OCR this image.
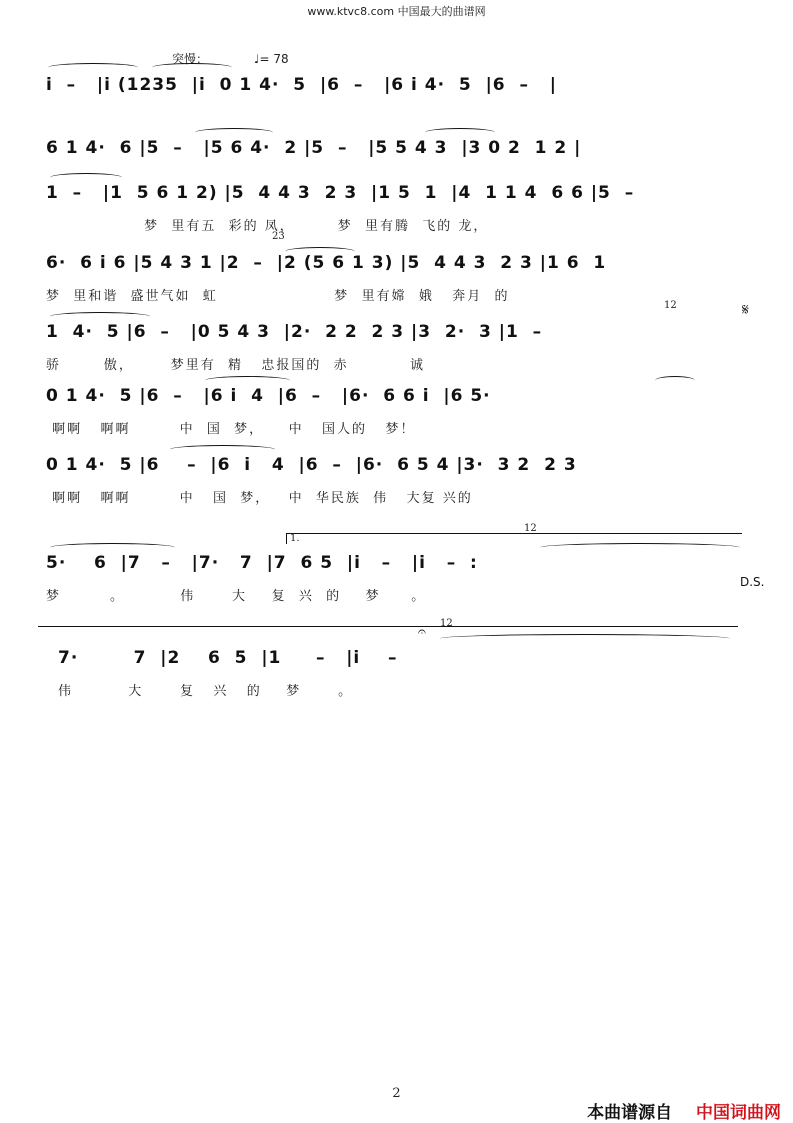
www.ktvc8.com 中国最大的曲谱网
突慢：	♩= 78
i  –   |i (1235  |i  0 1 4·  5  |6  –   |6 i 4·  5  |6  –   |
6 1 4·  6 |5  –   |5 6 4·  2 |5  –   |5 5 4 3  |3 0 2  1 2 |
1  –   |1  5 6 1 2) |5  4 4 3  2 3  |1 5  1  |4  1 1 4  6 6 |5  –
梦  里有五  彩的 凤，       梦  里有腾  飞的 龙，
23
6·  6 i 6 |5 4 3 1 |2  –  |2 (5 6 1 3) |5  4 4 3  2 3 |1 6  1
梦  里和谐  盛世气如  虹                   梦  里有嫦  娥   奔月  的
12	𝄋
1  4·  5 |6  –   |0 5 4 3  |2·  2 2  2 3 |3  2·  3 |1  –
骄       傲，      梦里有  精   忠报国的  赤          诚
0 1 4·  5 |6  –   |6 i  4  |6  –   |6·  6 6 i  |6 5·
啊啊   啊啊        中  国  梦，    中   国人的   梦！
0 1 4·  5 |6    –  |6  i   4  |6  –  |6·  6 5 4 |3·  3 2  2 3
啊啊   啊啊        中   国  梦，   中  华民族  伟   大复 兴的
1.
12
D.S.
5·    6  |7   –   |7·   7  |7  6 5  |i   –   |i   –  :
梦        。         伟      大    复  兴  的    梦     。
𝄐
12
7·        7  |2    6  5  |1     –   |i    –
伟         大      复   兴   的    梦      。
2
本曲谱源自 中国词曲网
